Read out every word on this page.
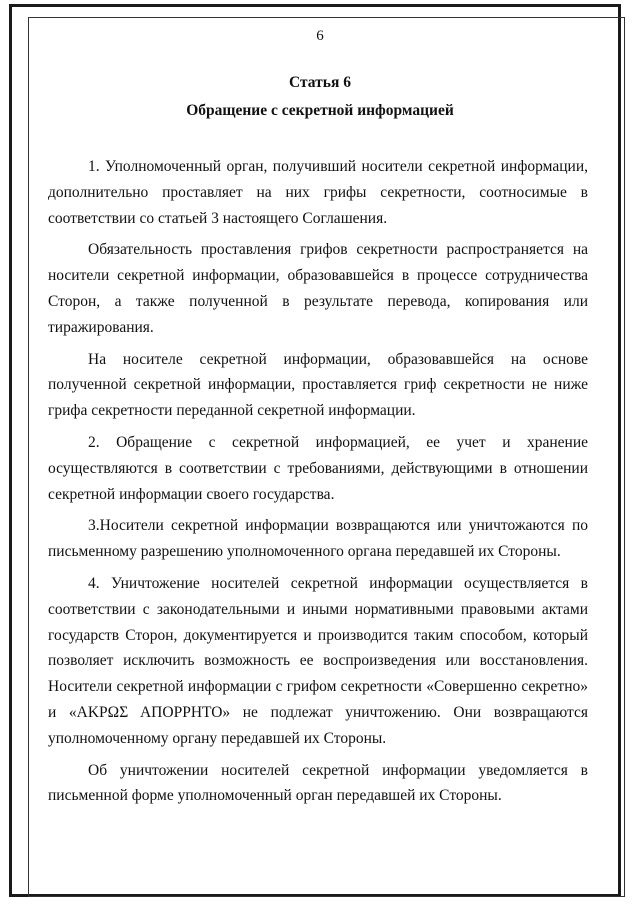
6
Статья 6
Обращение с секретной информацией

1. Уполномоченный орган, получивший носители секретной информации, дополнительно проставляет на них грифы секретности, соотносимые в соответствии со статьей 3 настоящего Соглашения.

Обязательность проставления грифов секретности распространяется на носители секретной информации, образовавшейся в процессе сотрудничества Сторон, а также полученной в результате перевода, копирования или тиражирования.

На носителе секретной информации, образовавшейся на основе полученной секретной информации, проставляется гриф секретности не ниже грифа секретности переданной секретной информации.

2. Обращение с секретной информацией, ее учет и хранение осуществляются в соответствии с требованиями, действующими в отношении секретной информации своего государства.

3.Носители секретной информации возвращаются или уничтожаются по письменному разрешению уполномоченного органа передавшей их Стороны.

4. Уничтожение носителей секретной информации осуществляется в соответствии с законодательными и иными нормативными правовыми актами государств Сторон, документируется и производится таким способом, который позволяет исключить возможность ее воспроизведения или восстановления. Носители секретной информации с грифом секретности «Совершенно секретно» и «ΑΚΡΩΣ ΑΠΟΡΡΗΤΟ» не подлежат уничтожению. Они возвращаются уполномоченному органу передавшей их Стороны.

Об уничтожении носителей секретной информации уведомляется в письменной форме уполномоченный орган передавшей их Стороны.
